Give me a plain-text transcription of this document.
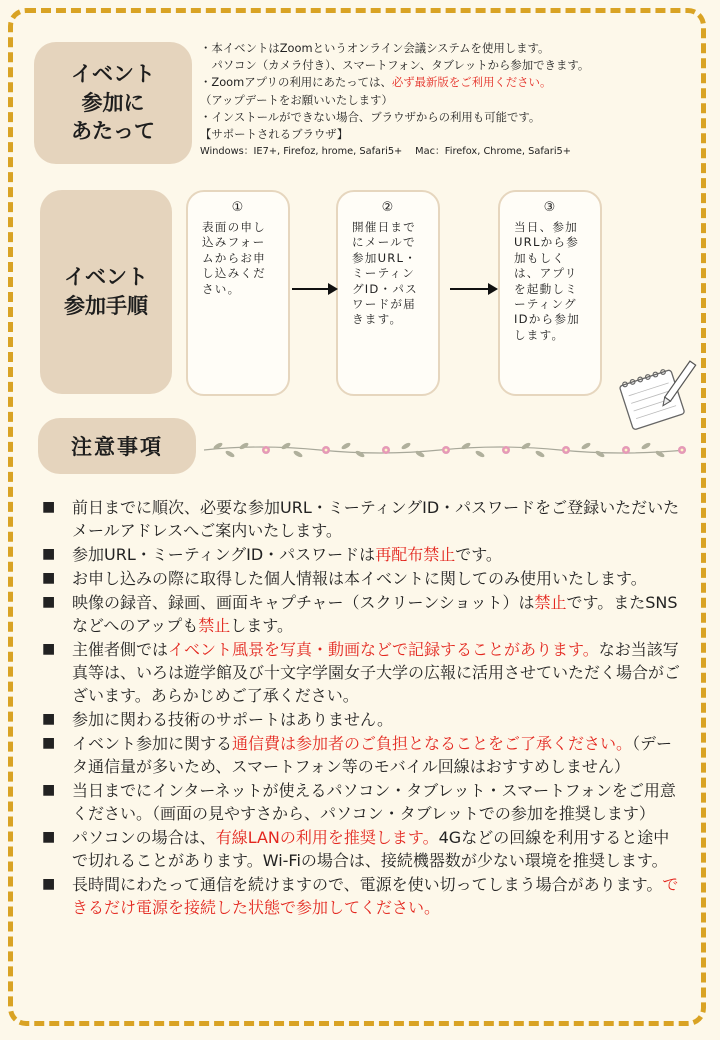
イベント
参加に
あたって
イベント
参加手順
注意事項
・本イベントはZoomというオンライン会議システムを使用します。
　パソコン（カメラ付き）、スマートフォン、タブレットから参加できます。
・Zoomアプリの利用にあたっては、必ず最新版をご利用ください。
（アップデートをお願いいたします）
・インストールができない場合、ブラウザからの利用も可能です。
【サポートされるブラウザ】
Windows：IE7+, Firefoz, hrome, Safari5+　 Mac：Firefox, Chrome, Safari5+
①
表面の申し込みフォームからお申し込みください。
②
開催日までにメールで参加URL・ミーティングID・パスワードが届きます。
③
当日、参加URLから参加もしくは、アプリを起動しミーティングIDから参加します。
■	前日までに順次、必要な参加URL・ミーティングID・パスワードをご登録いただいたメールアドレスへご案内いたします。
■	参加URL・ミーティングID・パスワードは再配布禁止です。
■	お申し込みの際に取得した個人情報は本イベントに関してのみ使用いたします。
■	映像の録音、録画、画面キャプチャー（スクリーンショット）は禁止です。またSNSなどへのアップも禁止します。
■	主催者側ではイベント風景を写真・動画などで記録することがあります。なお当該写真等は、いろは遊学館及び十文字学園女子大学の広報に活用させていただく場合がございます。あらかじめご了承ください。
■	参加に関わる技術のサポートはありません。
■	イベント参加に関する通信費は参加者のご負担となることをご了承ください。（データ通信量が多いため、スマートフォン等のモバイル回線はおすすめしません）
■	当日までにインターネットが使えるパソコン・タブレット・スマートフォンをご用意ください。（画面の見やすさから、パソコン・タブレットでの参加を推奨します）
■	パソコンの場合は、有線LANの利用を推奨します。4Gなどの回線を利用すると途中で切れることがあります。Wi-Fiの場合は、接続機器数が少ない環境を推奨します。
■	長時間にわたって通信を続けますので、電源を使い切ってしまう場合があります。できるだけ電源を接続した状態で参加してください。
